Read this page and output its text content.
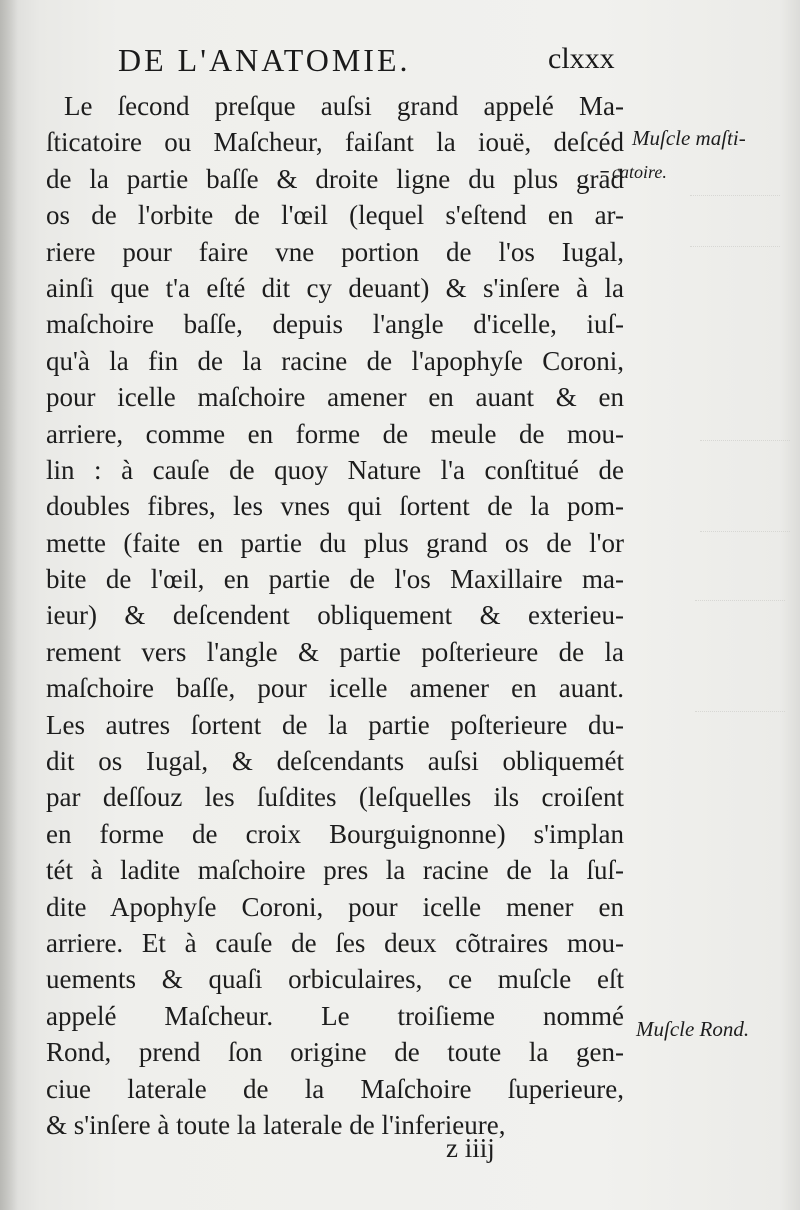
DE L'ANATOMIE.	clxxx
Le ſecond preſque auſsi grand appelé Ma-
ſticatoire ou Maſcheur, faiſant la iouë, deſcéd
de la partie baſſe & droite ligne du plus grād
os de l'orbite de l'œil (lequel s'eſtend en ar-
riere pour faire vne portion de l'os Iugal,
ainſi que t'a eſté dit cy deuant) & s'inſere à la
maſchoire baſſe, depuis l'angle d'icelle, iuſ-
qu'à la fin de la racine de l'apophyſe Coroni,
pour icelle maſchoire amener en auant & en
arriere, comme en forme de meule de mou-
lin : à cauſe de quoy Nature l'a conſtitué de
doubles fibres, les vnes qui ſortent de la pom-
mette (faite en partie du plus grand os de l'or
bite de l'œil, en partie de l'os Maxillaire ma-
ieur) & deſcendent obliquement & exterieu-
rement vers l'angle & partie poſterieure de la
maſchoire baſſe, pour icelle amener en auant.
Les autres ſortent de la partie poſterieure du-
dit os Iugal, & deſcendants auſsi obliquemét
par deſſouz les ſuſdites (leſquelles ils croiſent
en forme de croix Bourguignonne) s'implan
tét à ladite maſchoire pres la racine de la ſuſ-
dite Apophyſe Coroni, pour icelle mener en
arriere. Et à cauſe de ſes deux cõtraires mou-
uements & quaſi orbiculaires, ce muſcle eſt
appelé Maſcheur. Le troiſieme nommé
Rond, prend ſon origine de toute la gen-
ciue laterale de la Maſchoire ſuperieure,
& s'inſere à toute la laterale de l'inferieure,
Muſcle maſti-
catoire.
Muſcle Rond.
z iiij
